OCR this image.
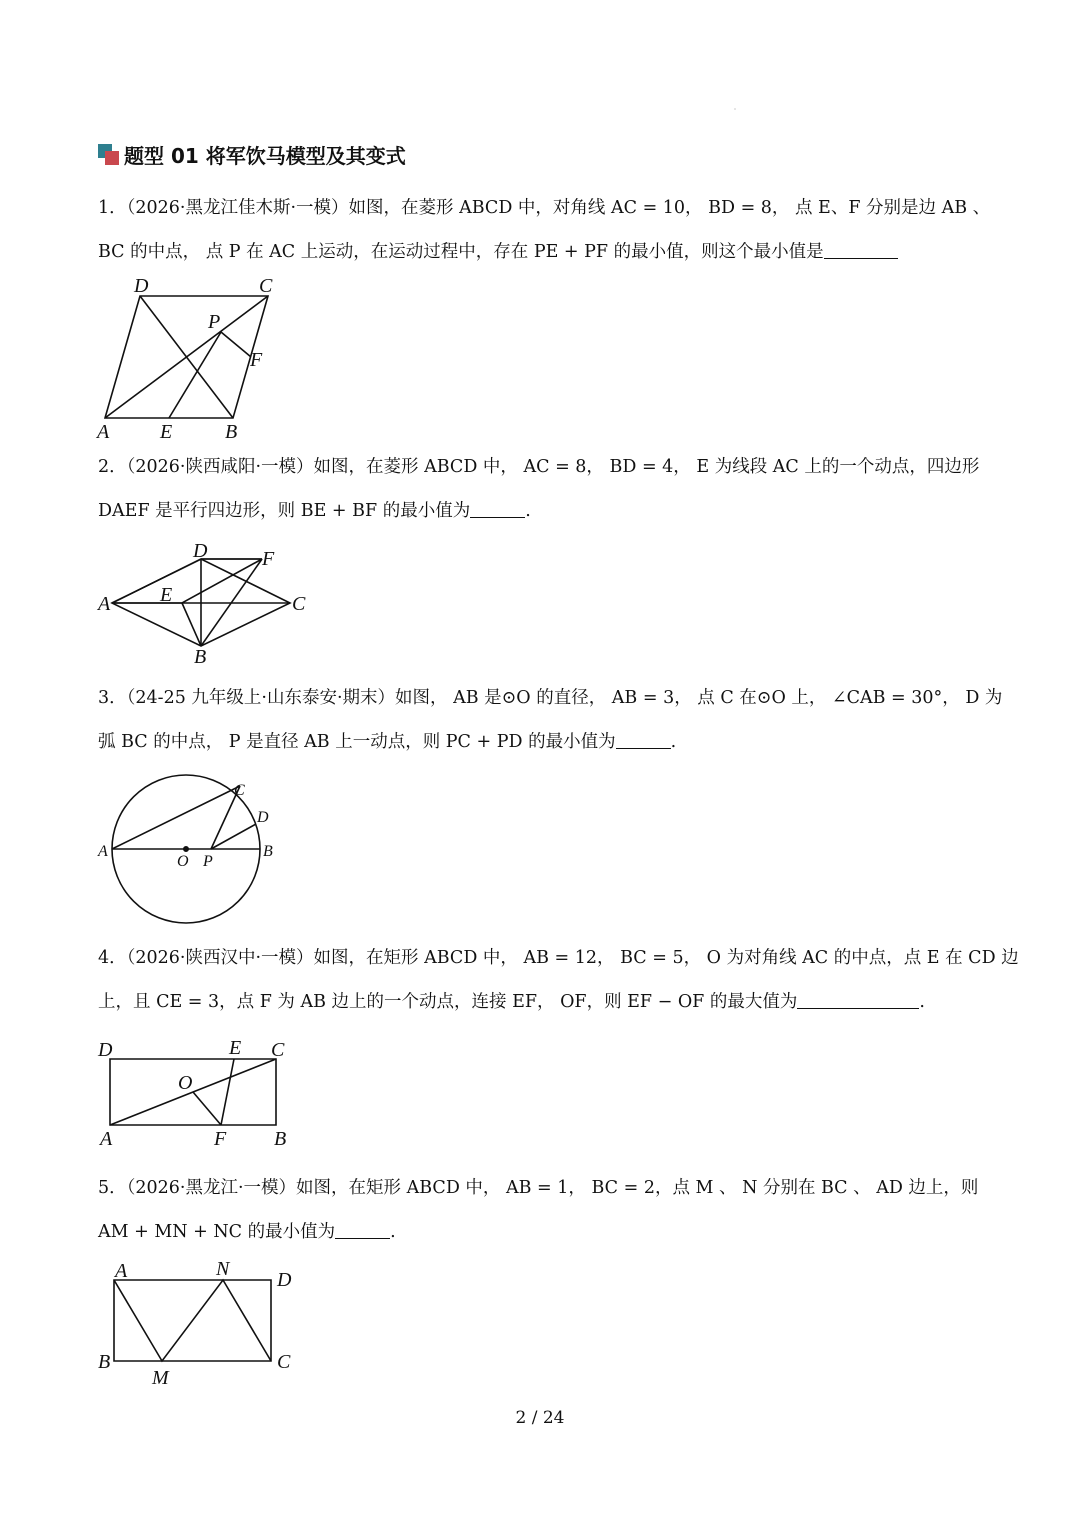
˙
题型 01 将军饮马模型及其变式
1．（2026·黑龙江佳木斯·一模）如图，在菱形 ABCD 中，对角线 AC = 10， BD = 8， 点 E、F 分别是边 AB 、
BC 的中点， 点 P 在 AC 上运动，在运动过程中，存在 PE + PF 的最小值，则这个最小值是
D	C
P
F
A	E	B
2．（2026·陕西咸阳·一模）如图，在菱形 ABCD 中， AC = 8， BD = 4， E 为线段 AC 上的一个动点，四边形
DAEF 是平行四边形，则 BE + BF 的最小值为	.
D	F
E
A	C
B
3．（24-25 九年级上·山东泰安·期末）如图， AB 是⊙O 的直径， AB = 3， 点 C 在⊙O 上， ∠CAB = 30°， D 为
弧 BC 的中点， P 是直径 AB 上一动点，则 PC + PD 的最小值为	.
C
D
A	B
O P
4．（2026·陕西汉中·一模）如图，在矩形 ABCD 中， AB = 12， BC = 5， O 为对角线 AC 的中点，点 E 在 CD 边
上，且 CE = 3，点 F 为 AB 边上的一个动点，连接 EF， OF，则 EF − OF 的最大值为	.
D	E C
O
A	F B
5．（2026·黑龙江·一模）如图，在矩形 ABCD 中， AB = 1， BC = 2，点 M 、 N 分别在 BC 、 AD 边上，则
AM + MN + NC 的最小值为	.
A	N D
B	C
M
2 / 24
